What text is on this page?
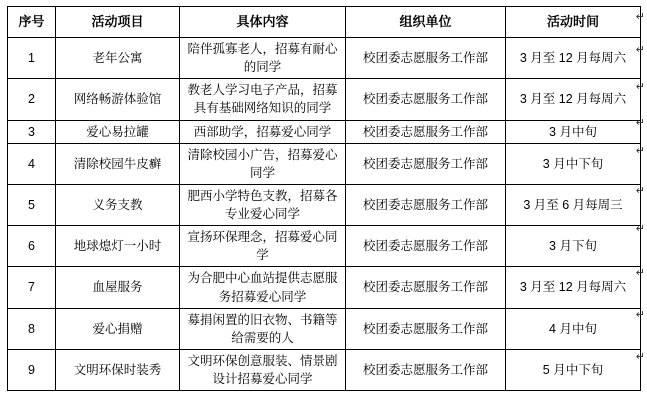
序号	活动项目	具体内容	组织单位	活动时间
1	老年公寓	陪伴孤寡老人，招募有耐心的同学	校团委志愿服务工作部	3 月至 12 月每周六
2	网络畅游体验馆	教老人学习电子产品，招募具有基础网络知识的同学	校团委志愿服务工作部	3 月至 12 月每周六
3	爱心易拉罐	西部助学，招募爱心同学	校团委志愿服务工作部	3 月中旬
4	清除校园牛皮癣	清除校园小广告，招募爱心同学	校团委志愿服务工作部	3 月中下旬
5	义务支教	肥西小学特色支教，招募各专业爱心同学	校团委志愿服务工作部	3 月至 6 月每周三
6	地球熄灯一小时	宣扬环保理念，招募爱心同学	校团委志愿服务工作部	3 月下旬
7	血屋服务	为合肥中心血站提供志愿服务招募爱心同学	校团委志愿服务工作部	3 月至 12 月每周六
8	爱心捐赠	募捐闲置的旧衣物、书籍等给需要的人	校团委志愿服务工作部	4 月中旬
9	文明环保时装秀	文明环保创意服装、情景剧设计招募爱心同学	校团委志愿服务工作部	5 月中下旬
↵
↵
↵
↵
↵
↵
↵
↵
↵
↵
